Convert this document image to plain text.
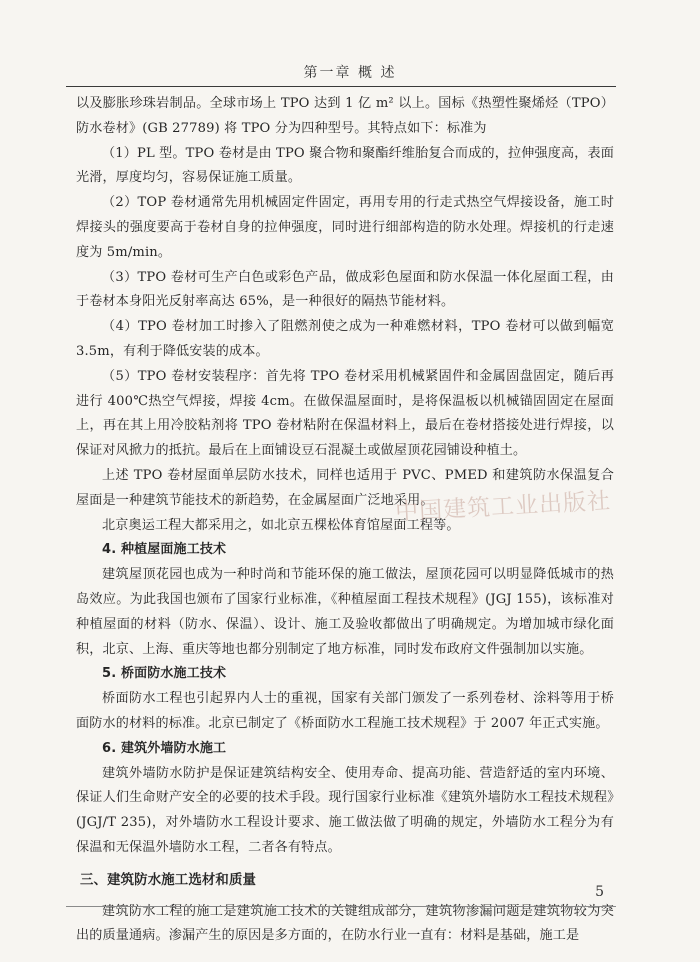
第一章 概 述

以及膨胀珍珠岩制品。全球市场上 TPO 达到 1 亿 m² 以上。国标《热塑性聚烯烃（TPO）防水卷材》(GB 27789) 将 TPO 分为四种型号。其特点如下：标准为

（1）PL 型。TPO 卷材是由 TPO 聚合物和聚酯纤维胎复合而成的，拉伸强度高，表面光滑，厚度均匀，容易保证施工质量。

（2）TOP 卷材通常先用机械固定件固定，再用专用的行走式热空气焊接设备，施工时焊接头的强度要高于卷材自身的拉伸强度，同时进行细部构造的防水处理。焊接机的行走速度为 5m/min。

（3）TPO 卷材可生产白色或彩色产品，做成彩色屋面和防水保温一体化屋面工程，由于卷材本身阳光反射率高达 65%，是一种很好的隔热节能材料。

（4）TPO 卷材加工时掺入了阻燃剂使之成为一种难燃材料，TPO 卷材可以做到幅宽 3.5m，有利于降低安装的成本。

（5）TPO 卷材安装程序：首先将 TPO 卷材采用机械紧固件和金属固盘固定，随后再进行 400℃热空气焊接，焊接 4cm。在做保温屋面时，是将保温板以机械锚固固定在屋面上，再在其上用冷胶粘剂将 TPO 卷材粘附在保温材料上，最后在卷材搭接处进行焊接，以保证对风掀力的抵抗。最后在上面铺设豆石混凝土或做屋顶花园铺设种植土。

上述 TPO 卷材屋面单层防水技术，同样也适用于 PVC、PMED 和建筑防水保温复合屋面是一种建筑节能技术的新趋势，在金属屋面广泛地采用。

北京奥运工程大都采用之，如北京五棵松体育馆屋面工程等。

4. 种植屋面施工技术

建筑屋顶花园也成为一种时尚和节能环保的施工做法，屋顶花园可以明显降低城市的热岛效应。为此我国也颁布了国家行业标准，《种植屋面工程技术规程》(JGJ 155)，该标准对种植屋面的材料（防水、保温）、设计、施工及验收都做出了明确规定。为增加城市绿化面积，北京、上海、重庆等地也都分别制定了地方标准，同时发布政府文件强制加以实施。

5. 桥面防水施工技术

桥面防水工程也引起界内人士的重视，国家有关部门颁发了一系列卷材、涂料等用于桥面防水的材料的标准。北京已制定了《桥面防水工程施工技术规程》于 2007 年正式实施。

6. 建筑外墙防水施工

建筑外墙防水防护是保证建筑结构安全、使用寿命、提高功能、营造舒适的室内环境、保证人们生命财产安全的必要的技术手段。现行国家行业标准《建筑外墙防水工程技术规程》(JGJ/T 235)，对外墙防水工程设计要求、施工做法做了明确的规定，外墙防水工程分为有保温和无保温外墙防水工程，二者各有特点。

三、建筑防水施工选材和质量

建筑防水工程的施工是建筑施工技术的关键组成部分，建筑物渗漏问题是建筑物较为突出的质量通病。渗漏产生的原因是多方面的，在防水行业一直有：材料是基础，施工是

中国建筑工业出版社
5
